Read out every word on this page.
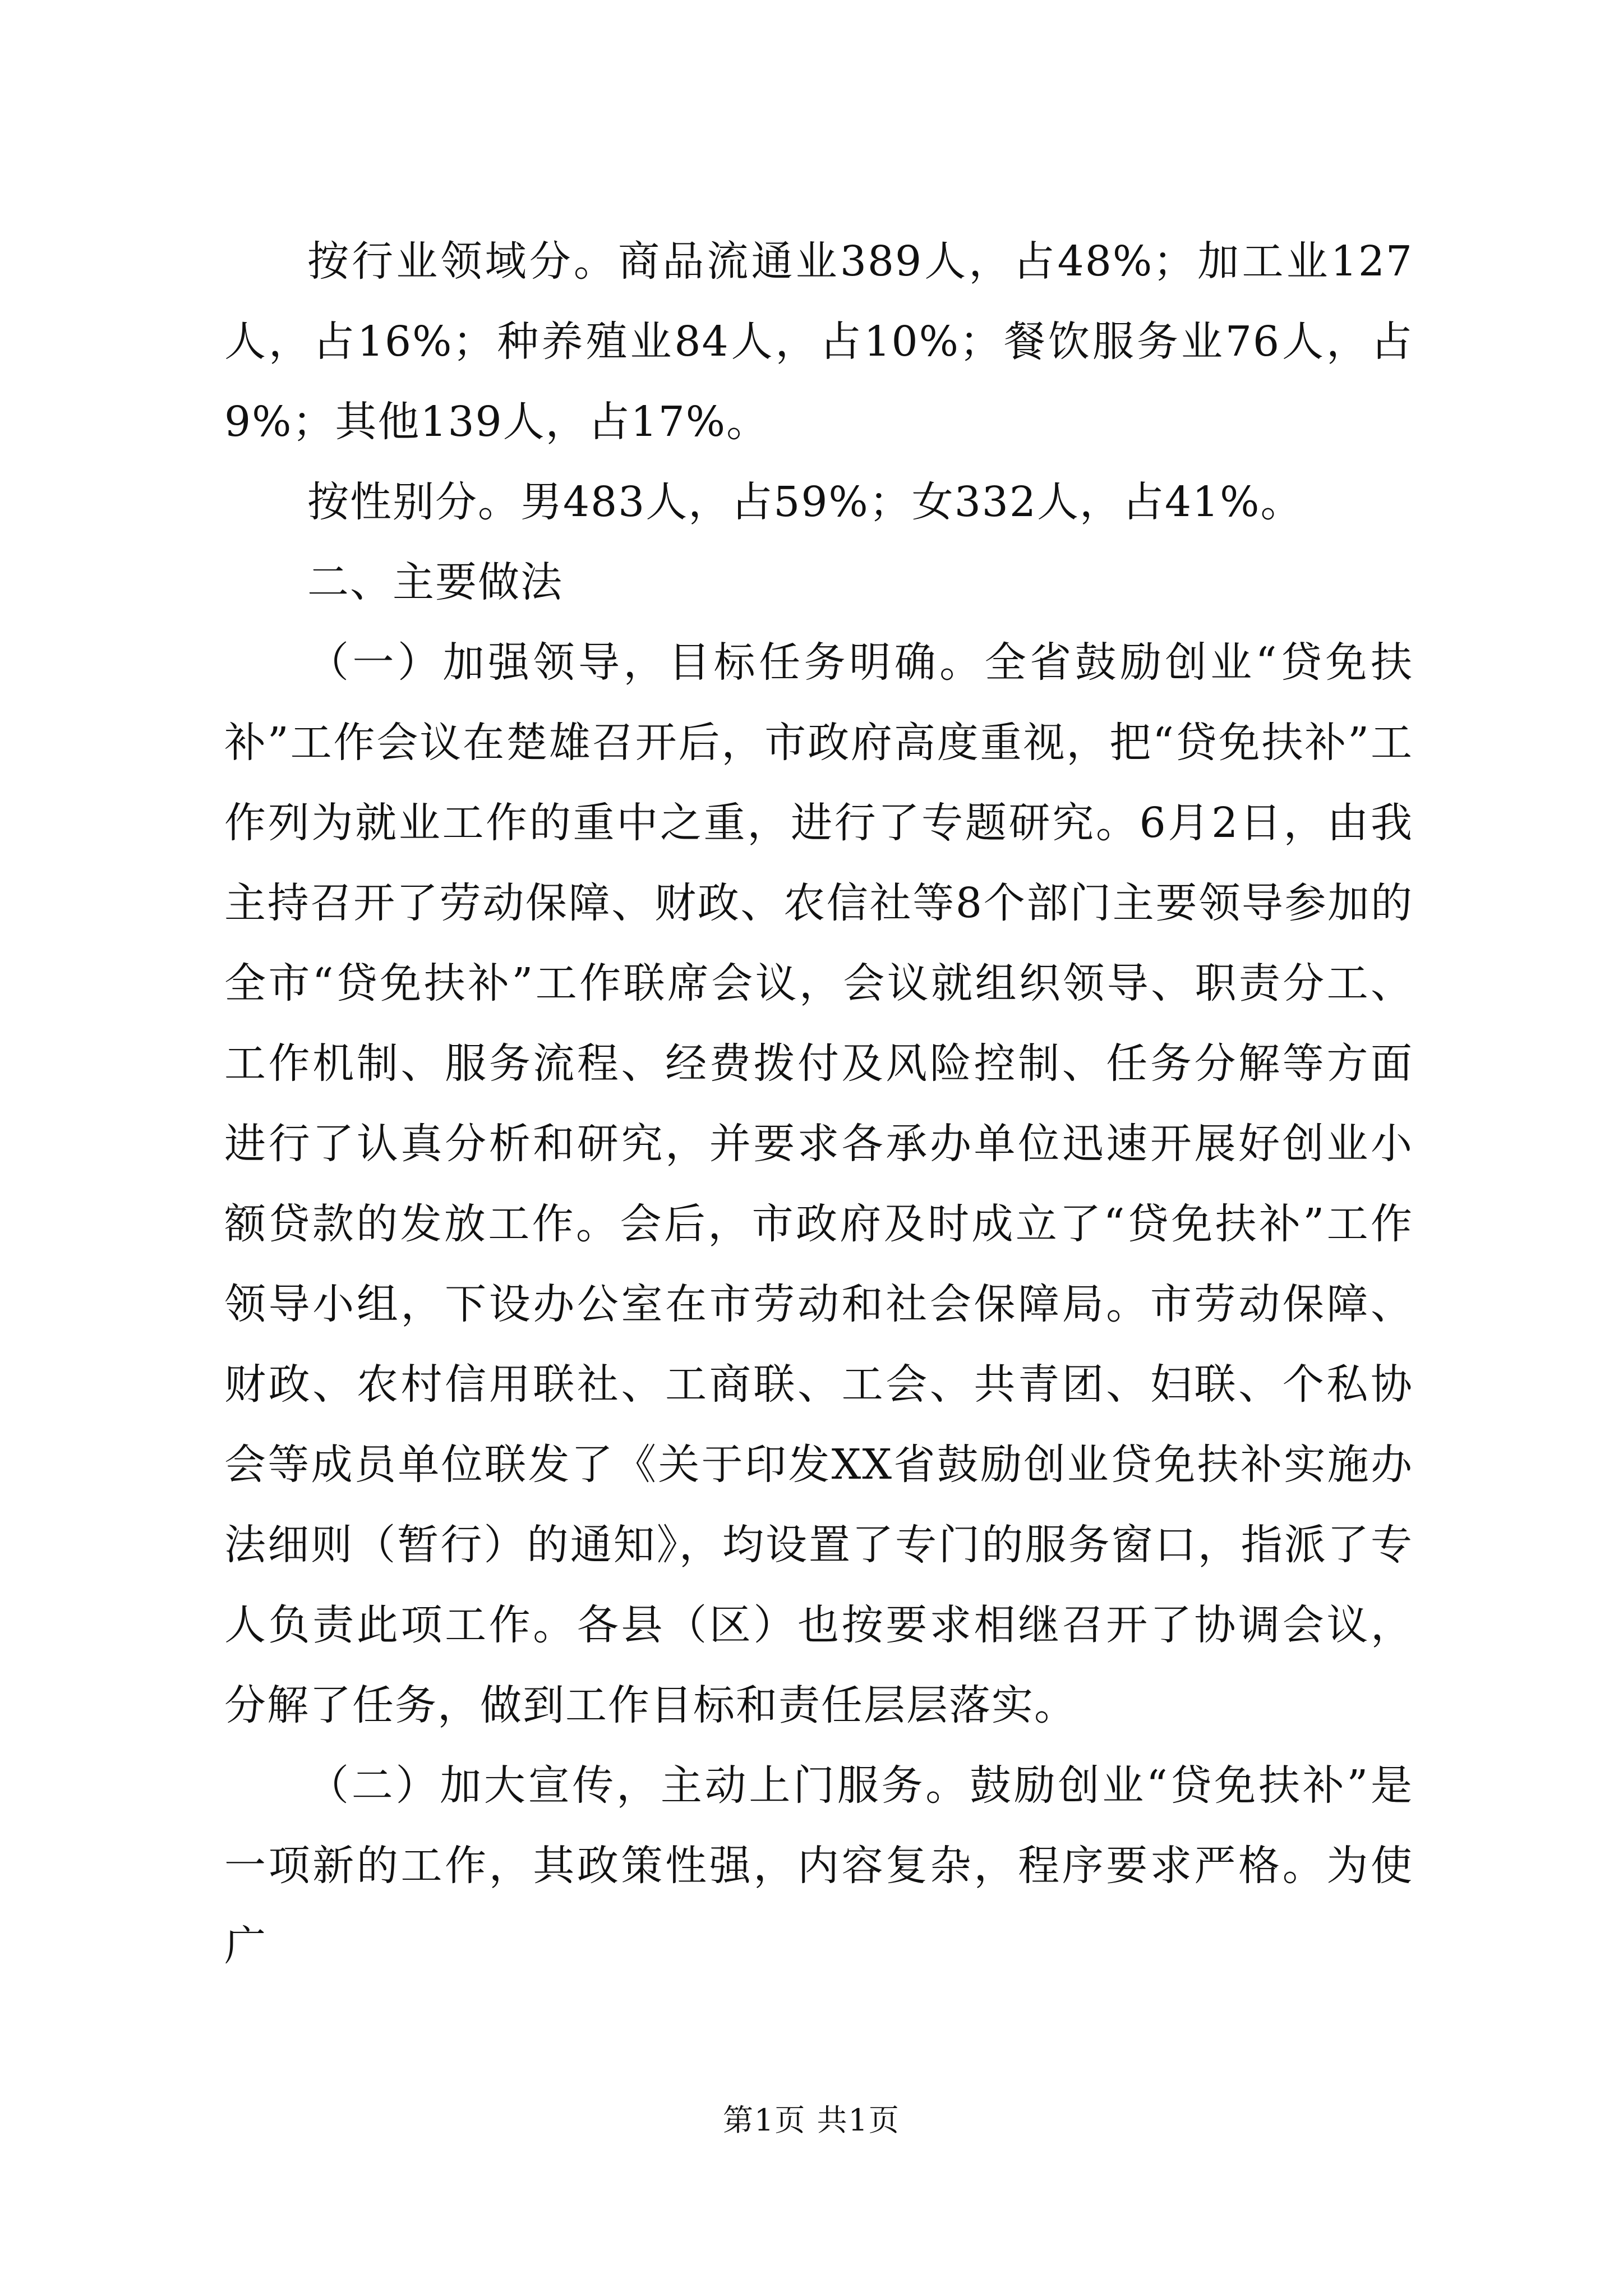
按行业领域分。商品流通业389人，占48%；加工业127人，占16%；种养殖业84人，占10%；餐饮服务业76人，占9%；其他139人，占17%。

按性别分。男483人，占59%；女332人，占41%。

二、主要做法

（一）加强领导，目标任务明确。全省鼓励创业“贷免扶补”工作会议在楚雄召开后，市政府高度重视，把“贷免扶补”工作列为就业工作的重中之重，进行了专题研究。6月2日，由我主持召开了劳动保障、财政、农信社等8个部门主要领导参加的全市“贷免扶补”工作联席会议，会议就组织领导、职责分工、工作机制、服务流程、经费拨付及风险控制、任务分解等方面进行了认真分析和研究，并要求各承办单位迅速开展好创业小额贷款的发放工作。会后，市政府及时成立了“贷免扶补”工作领导小组，下设办公室在市劳动和社会保障局。市劳动保障、财政、农村信用联社、工商联、工会、共青团、妇联、个私协会等成员单位联发了《关于印发XX省鼓励创业贷免扶补实施办法细则（暂行）的通知》，均设置了专门的服务窗口，指派了专人负责此项工作。各县（区）也按要求相继召开了协调会议，分解了任务，做到工作目标和责任层层落实。

（二）加大宣传，主动上门服务。鼓励创业“贷免扶补”是一项新的工作，其政策性强，内容复杂，程序要求严格。为使广

第1页 共1页
